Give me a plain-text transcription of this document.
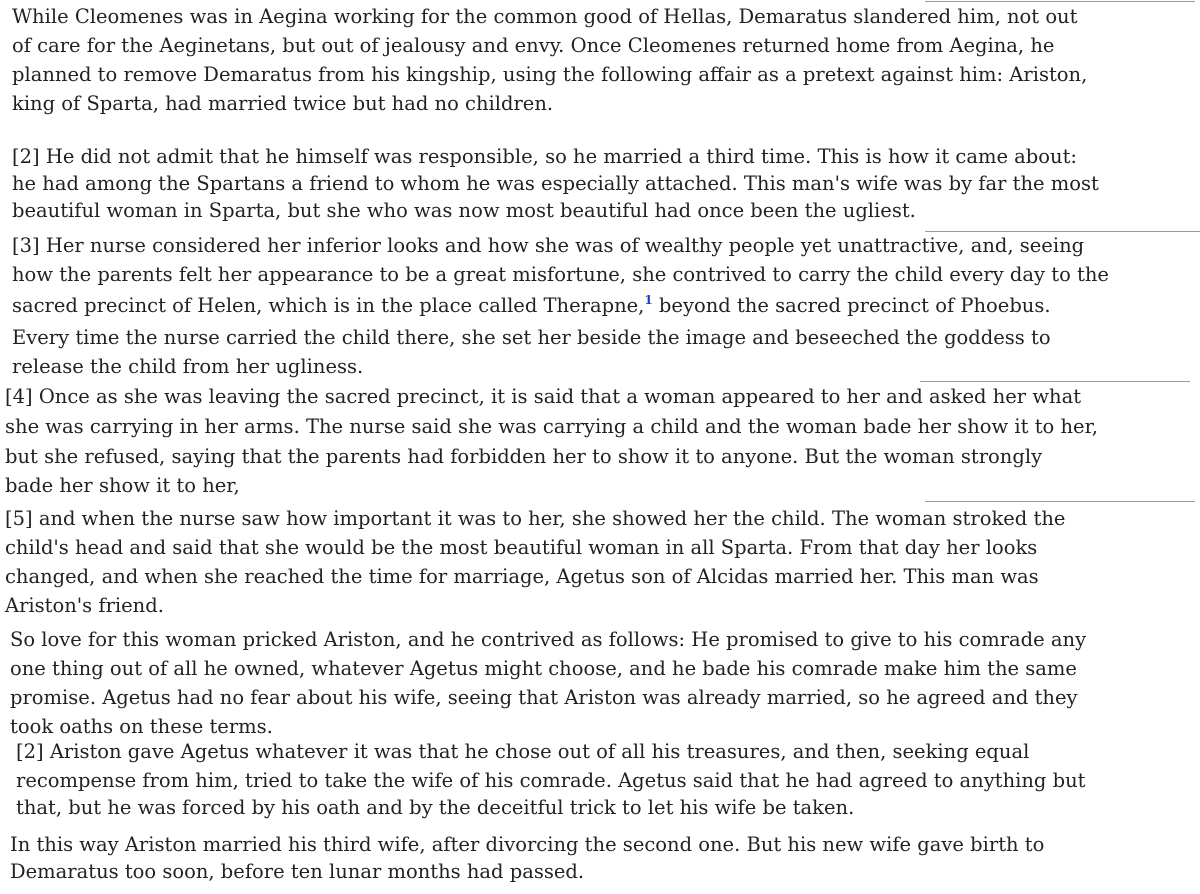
While Cleomenes was in Aegina working for the common good of Hellas, Demaratus slandered him, not out
of care for the Aeginetans, but out of jealousy and envy. Once Cleomenes returned home from Aegina, he
planned to remove Demaratus from his kingship, using the following affair as a pretext against him: Ariston,
king of Sparta, had married twice but had no children.
[2] He did not admit that he himself was responsible, so he married a third time. This is how it came about:
he had among the Spartans a friend to whom he was especially attached. This man's wife was by far the most
beautiful woman in Sparta, but she who was now most beautiful had once been the ugliest.
[3] Her nurse considered her inferior looks and how she was of wealthy people yet unattractive, and, seeing
how the parents felt her appearance to be a great misfortune, she contrived to carry the child every day to the
sacred precinct of Helen, which is in the place called Therapne,$^1$ beyond the sacred precinct of Phoebus.
Every time the nurse carried the child there, she set her beside the image and beseeched the goddess to
release the child from her ugliness.
[4] Once as she was leaving the sacred precinct, it is said that a woman appeared to her and asked her what
she was carrying in her arms. The nurse said she was carrying a child and the woman bade her show it to her,
but she refused, saying that the parents had forbidden her to show it to anyone. But the woman strongly
bade her show it to her,
[5] and when the nurse saw how important it was to her, she showed her the child. The woman stroked the
child's head and said that she would be the most beautiful woman in all Sparta. From that day her looks
changed, and when she reached the time for marriage, Agetus son of Alcidas married her. This man was
Ariston's friend.
So love for this woman pricked Ariston, and he contrived as follows: He promised to give to his comrade any
one thing out of all he owned, whatever Agetus might choose, and he bade his comrade make him the same
promise. Agetus had no fear about his wife, seeing that Ariston was already married, so he agreed and they
took oaths on these terms.
[2] Ariston gave Agetus whatever it was that he chose out of all his treasures, and then, seeking equal
recompense from him, tried to take the wife of his comrade. Agetus said that he had agreed to anything but
that, but he was forced by his oath and by the deceitful trick to let his wife be taken.
In this way Ariston married his third wife, after divorcing the second one. But his new wife gave birth to
Demaratus too soon, before ten lunar months had passed.
